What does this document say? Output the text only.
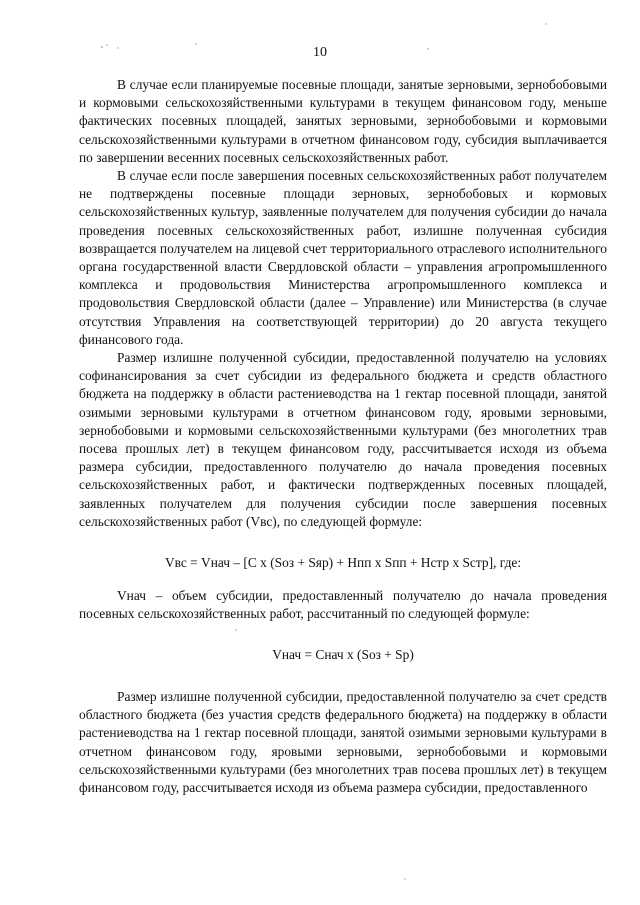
10

В случае если планируемые посевные площади, занятые зерновыми, зернобобовыми и кормовыми сельскохозяйственными культурами в текущем финансовом году, меньше фактических посевных площадей, занятых зерновыми, зернобобовыми и кормовыми сельскохозяйственными культурами в отчетном финансовом году, субсидия выплачивается по завершении весенних посевных сельскохозяйственных работ.

В случае если после завершения посевных сельскохозяйственных работ получателем не подтверждены посевные площади зерновых, зернобобовых и кормовых сельскохозяйственных культур, заявленные получателем для получения субсидии до начала проведения посевных сельскохозяйственных работ, излишне полученная субсидия возвращается получателем на лицевой счет территориального отраслевого исполнительного органа государственной власти Свердловской области – управления агропромышленного комплекса и продовольствия Министерства агропромышленного комплекса и продовольствия Свердловской области (далее – Управление) или Министерства (в случае отсутствия Управления на соответствующей территории) до 20 августа текущего финансового года.

Размер излишне полученной субсидии, предоставленной получателю на условиях софинансирования за счет субсидии из федерального бюджета и средств областного бюджета на поддержку в области растениеводства на 1 гектар посевной площади, занятой озимыми зерновыми культурами в отчетном финансовом году, яровыми зерновыми, зернобобовыми и кормовыми сельскохозяйственными культурами (без многолетних трав посева прошлых лет) в текущем финансовом году, рассчитывается исходя из объема размера субсидии, предоставленного получателю до начала проведения посевных сельскохозяйственных работ, и фактически подтвержденных посевных площадей, заявленных получателем для получения субсидии после завершения посевных сельскохозяйственных работ (Vвс), по следующей формуле:

Vвс = Vнач – [С x (Sоз + Sяр) + Нпп x Sпп + Нстр x Sстр], где:

Vнач – объем субсидии, предоставленный получателю до начала проведения посевных сельскохозяйственных работ, рассчитанный по следующей формуле:

Vнач = Снач x (Sоз + Sр)

Размер излишне полученной субсидии, предоставленной получателю за счет средств областного бюджета (без участия средств федерального бюджета) на поддержку в области растениеводства на 1 гектар посевной площади, занятой озимыми зерновыми культурами в отчетном финансовом году, яровыми зерновыми, зернобобовыми и кормовыми сельскохозяйственными культурами (без многолетних трав посева прошлых лет) в текущем финансовом году, рассчитывается исходя из объема размера субсидии, предоставленного
